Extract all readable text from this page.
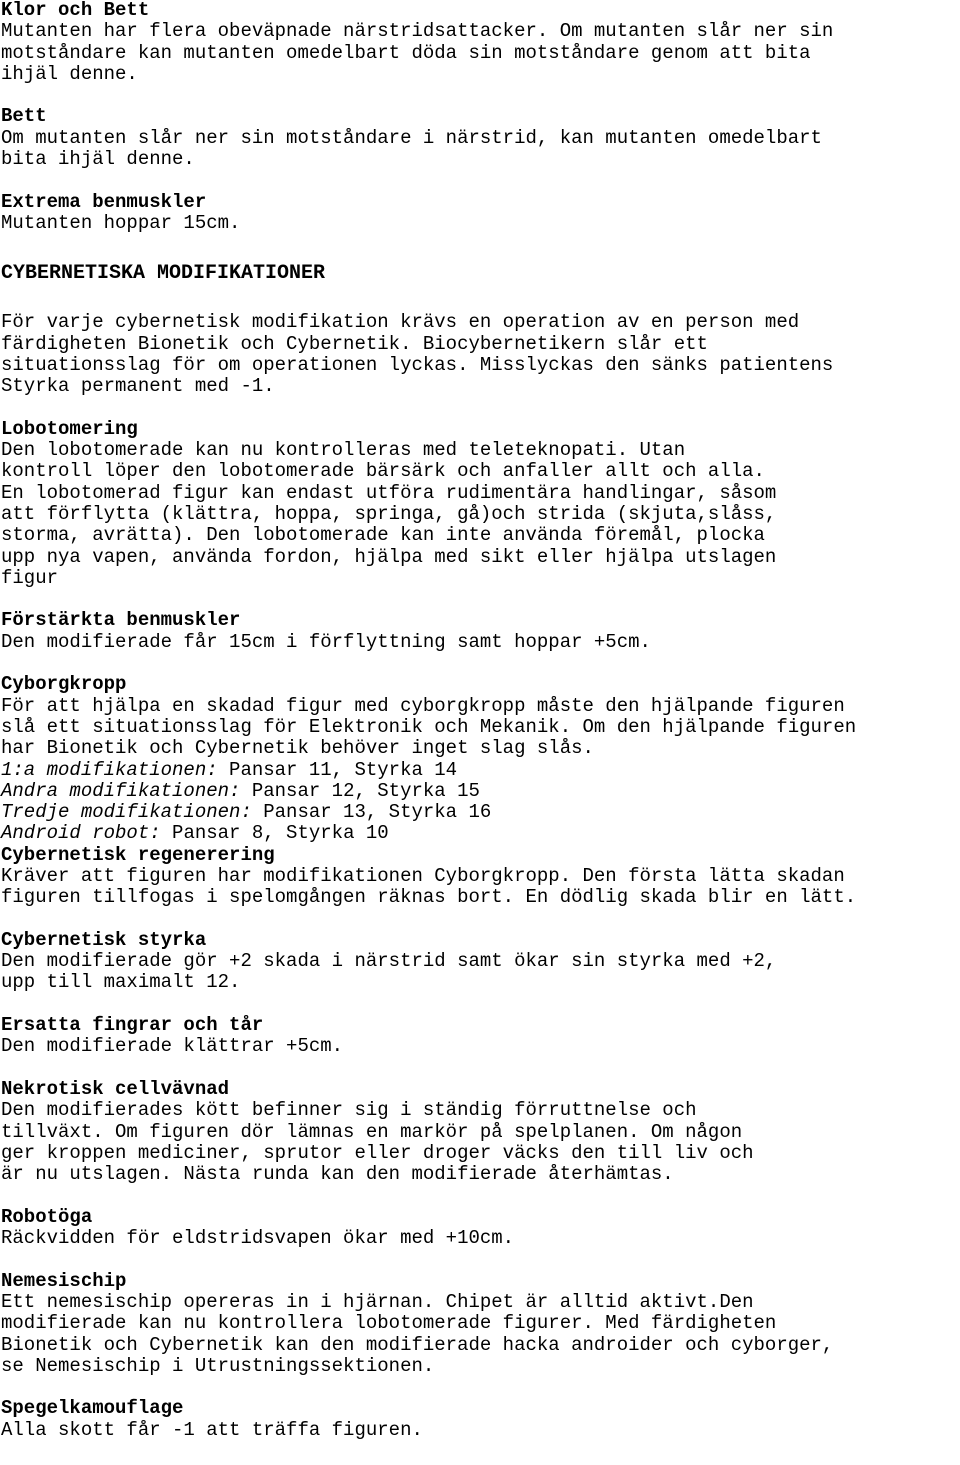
Klor och Bett
Mutanten har flera obeväpnade närstridsattacker. Om mutanten slår ner sin
motståndare kan mutanten omedelbart döda sin motståndare genom att bita
ihjäl denne.
Bett
Om mutanten slår ner sin motståndare i närstrid, kan mutanten omedelbart
bita ihjäl denne.
Extrema benmuskler
Mutanten hoppar 15cm.
CYBERNETISKA MODIFIKATIONER
För varje cybernetisk modifikation krävs en operation av en person med
färdigheten Bionetik och Cybernetik. Biocybernetikern slår ett
situationsslag för om operationen lyckas. Misslyckas den sänks patientens
Styrka permanent med -1.
Lobotomering
Den lobotomerade kan nu kontrolleras med teleteknopati. Utan
kontroll löper den lobotomerade bärsärk och anfaller allt och alla.
En lobotomerad figur kan endast utföra rudimentära handlingar, såsom
att förflytta (klättra, hoppa, springa, gå)och strida (skjuta,slåss,
storma, avrätta). Den lobotomerade kan inte använda föremål, plocka
upp nya vapen, använda fordon, hjälpa med sikt eller hjälpa utslagen
figur
Förstärkta benmuskler
Den modifierade får 15cm i förflyttning samt hoppar +5cm.
Cyborgkropp
För att hjälpa en skadad figur med cyborgkropp måste den hjälpande figuren
slå ett situationsslag för Elektronik och Mekanik. Om den hjälpande figuren
har Bionetik och Cybernetik behöver inget slag slås.
1:a modifikationen: Pansar 11, Styrka 14
Andra modifikationen: Pansar 12, Styrka 15
Tredje modifikationen: Pansar 13, Styrka 16
Android robot: Pansar 8, Styrka 10
Cybernetisk regenerering
Kräver att figuren har modifikationen Cyborgkropp. Den första lätta skadan
figuren tillfogas i spelomgången räknas bort. En dödlig skada blir en lätt.
Cybernetisk styrka
Den modifierade gör +2 skada i närstrid samt ökar sin styrka med +2,
upp till maximalt 12.
Ersatta fingrar och tår
Den modifierade klättrar +5cm.
Nekrotisk cellvävnad
Den modifierades kött befinner sig i ständig förruttnelse och
tillväxt. Om figuren dör lämnas en markör på spelplanen. Om någon
ger kroppen mediciner, sprutor eller droger väcks den till liv och
är nu utslagen. Nästa runda kan den modifierade återhämtas.
Robotöga
Räckvidden för eldstridsvapen ökar med +10cm.
Nemesischip
Ett nemesischip opereras in i hjärnan. Chipet är alltid aktivt.Den
modifierade kan nu kontrollera lobotomerade figurer. Med färdigheten
Bionetik och Cybernetik kan den modifierade hacka androider och cyborger,
se Nemesischip i Utrustningssektionen.
Spegelkamouflage
Alla skott får -1 att träffa figuren.
